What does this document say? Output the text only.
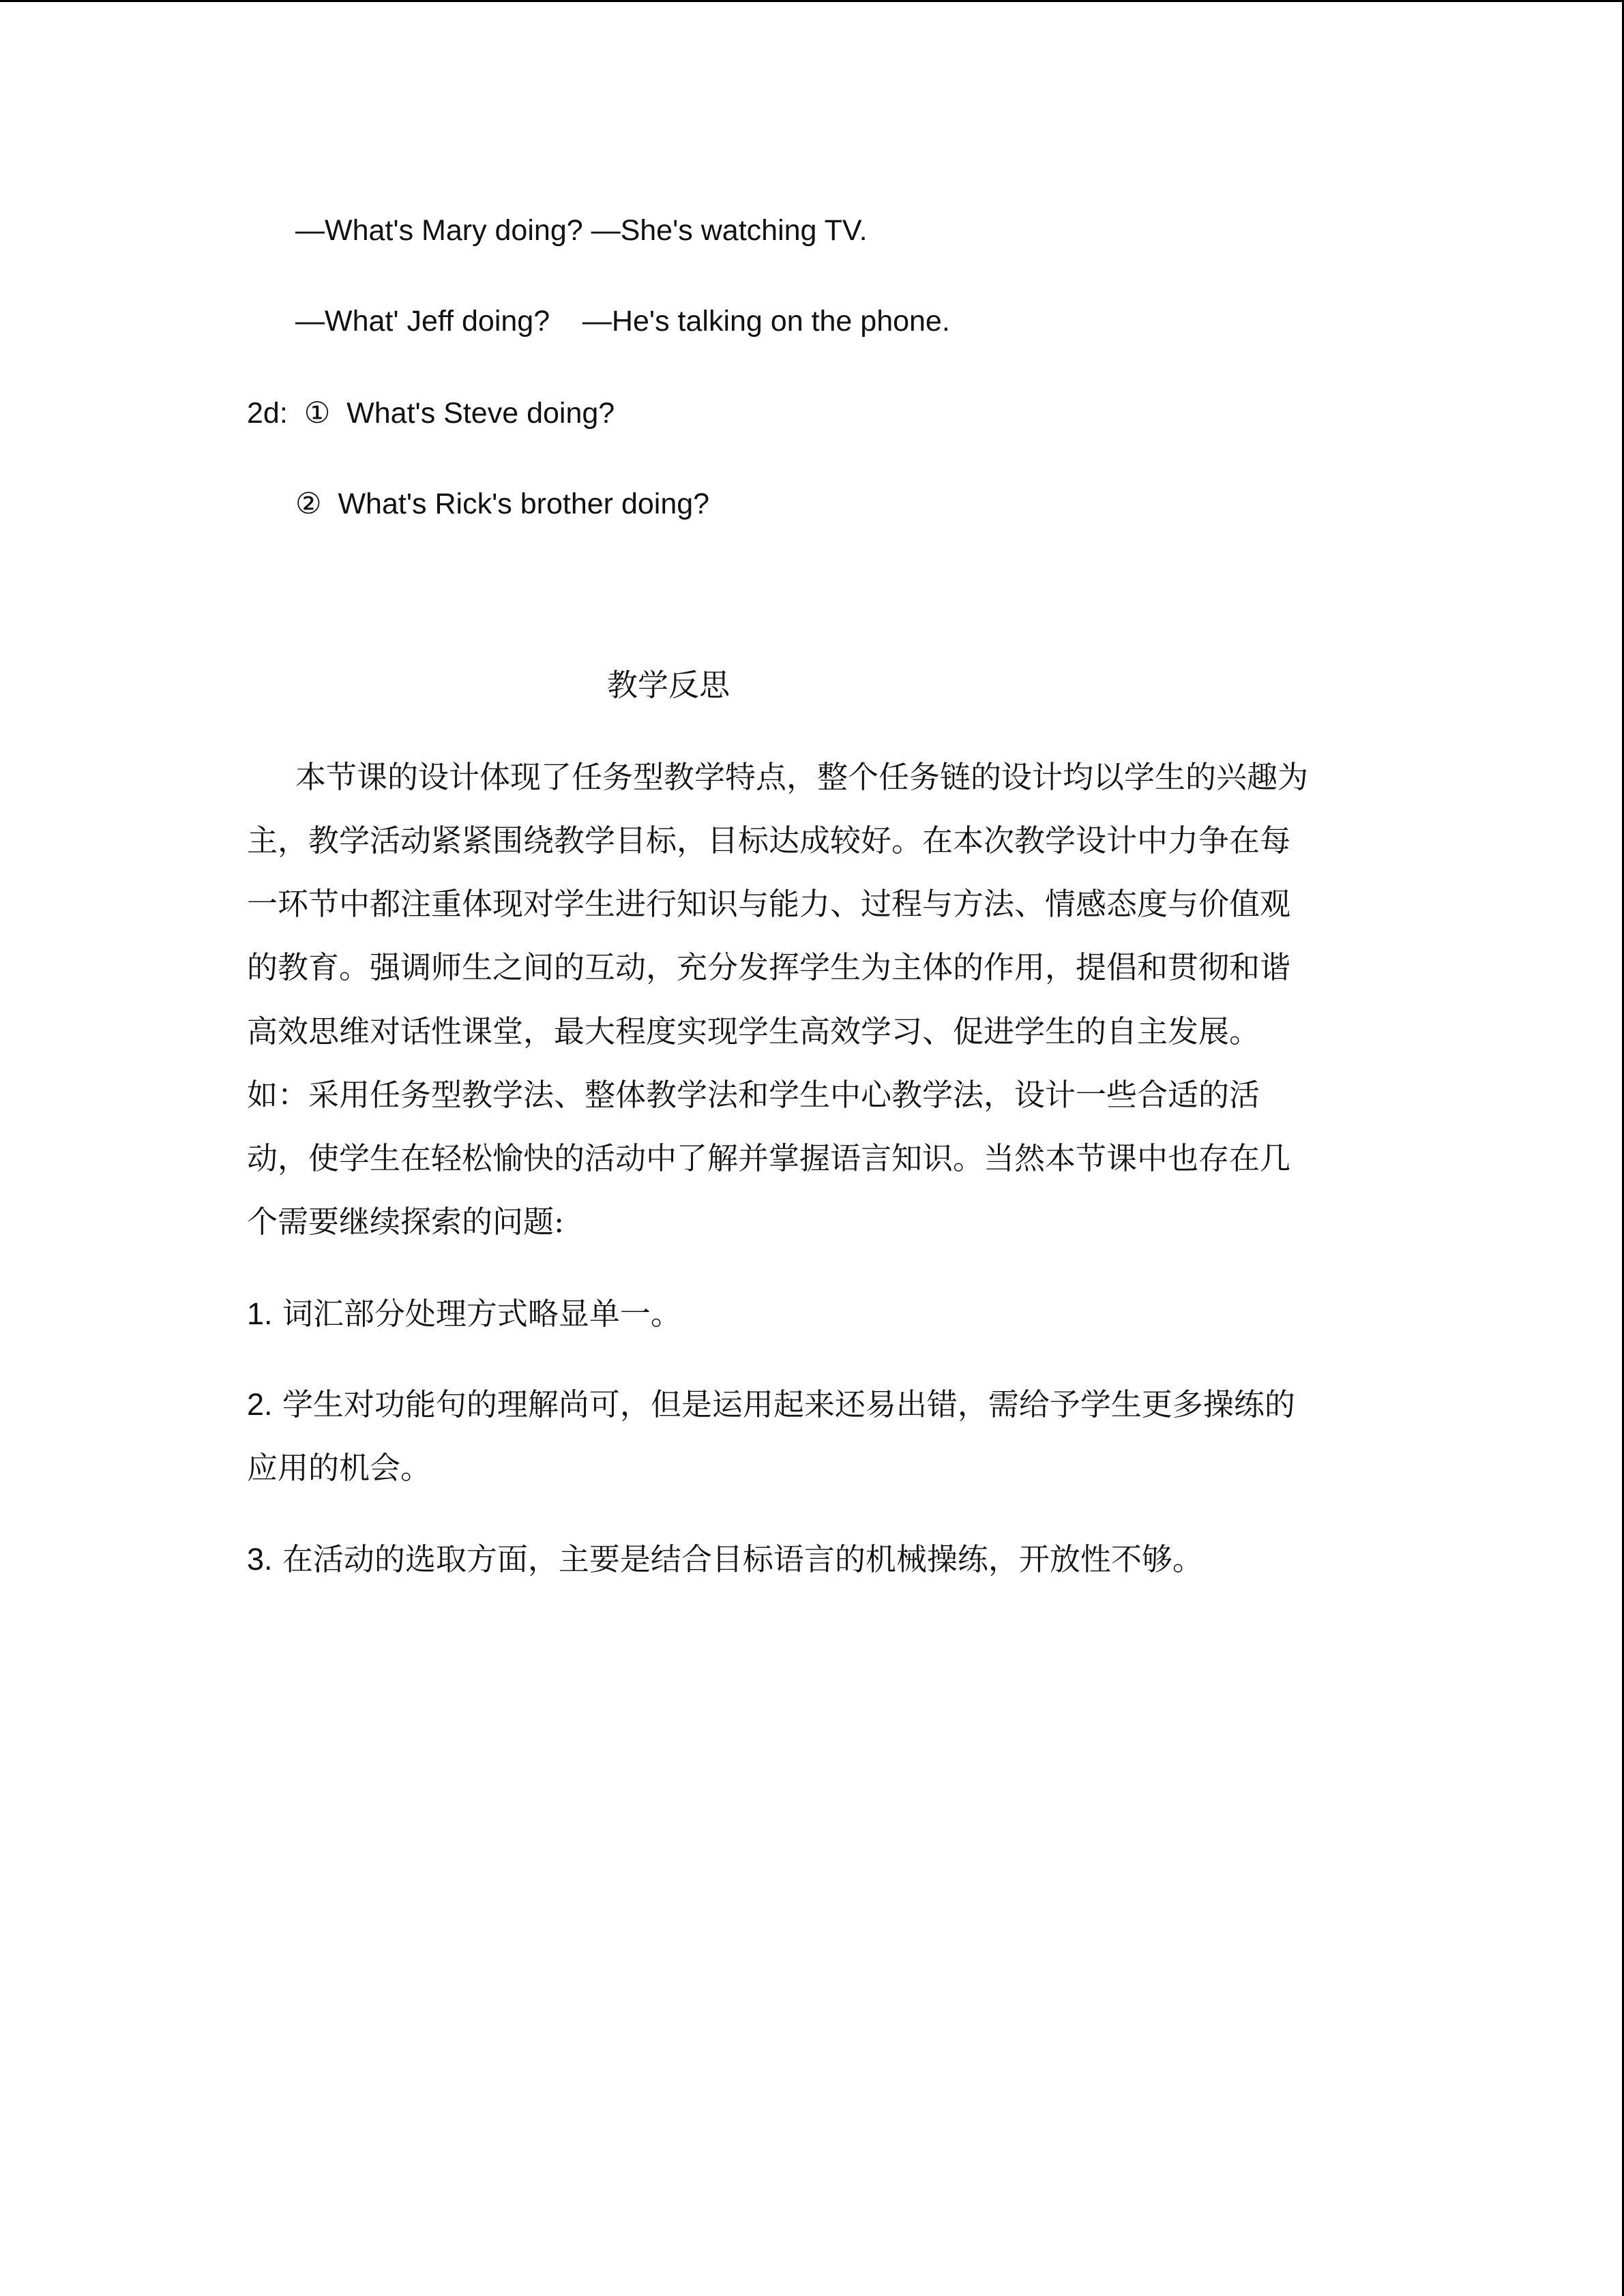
—What's Mary doing? —She's watching TV.
—What' Jeff doing?    —He's talking on the phone.
2d: ① What's Steve doing?
② What's Rick's brother doing?
教学反思
本节课的设计体现了任务型教学特点，整个任务链的设计均以学生的兴趣为
主，教学活动紧紧围绕教学目标，目标达成较好。在本次教学设计中力争在每
一环节中都注重体现对学生进行知识与能力、过程与方法、情感态度与价值观
的教育。强调师生之间的互动，充分发挥学生为主体的作用，提倡和贯彻和谐
高效思维对话性课堂，最大程度实现学生高效学习、促进学生的自主发展。
如：采用任务型教学法、整体教学法和学生中心教学法，设计一些合适的活
动，使学生在轻松愉快的活动中了解并掌握语言知识。当然本节课中也存在几
个需要继续探索的问题:
1. 词汇部分处理方式略显单一。
2. 学生对功能句的理解尚可，但是运用起来还易出错，需给予学生更多操练的
应用的机会。
3. 在活动的选取方面，主要是结合目标语言的机械操练，开放性不够。
